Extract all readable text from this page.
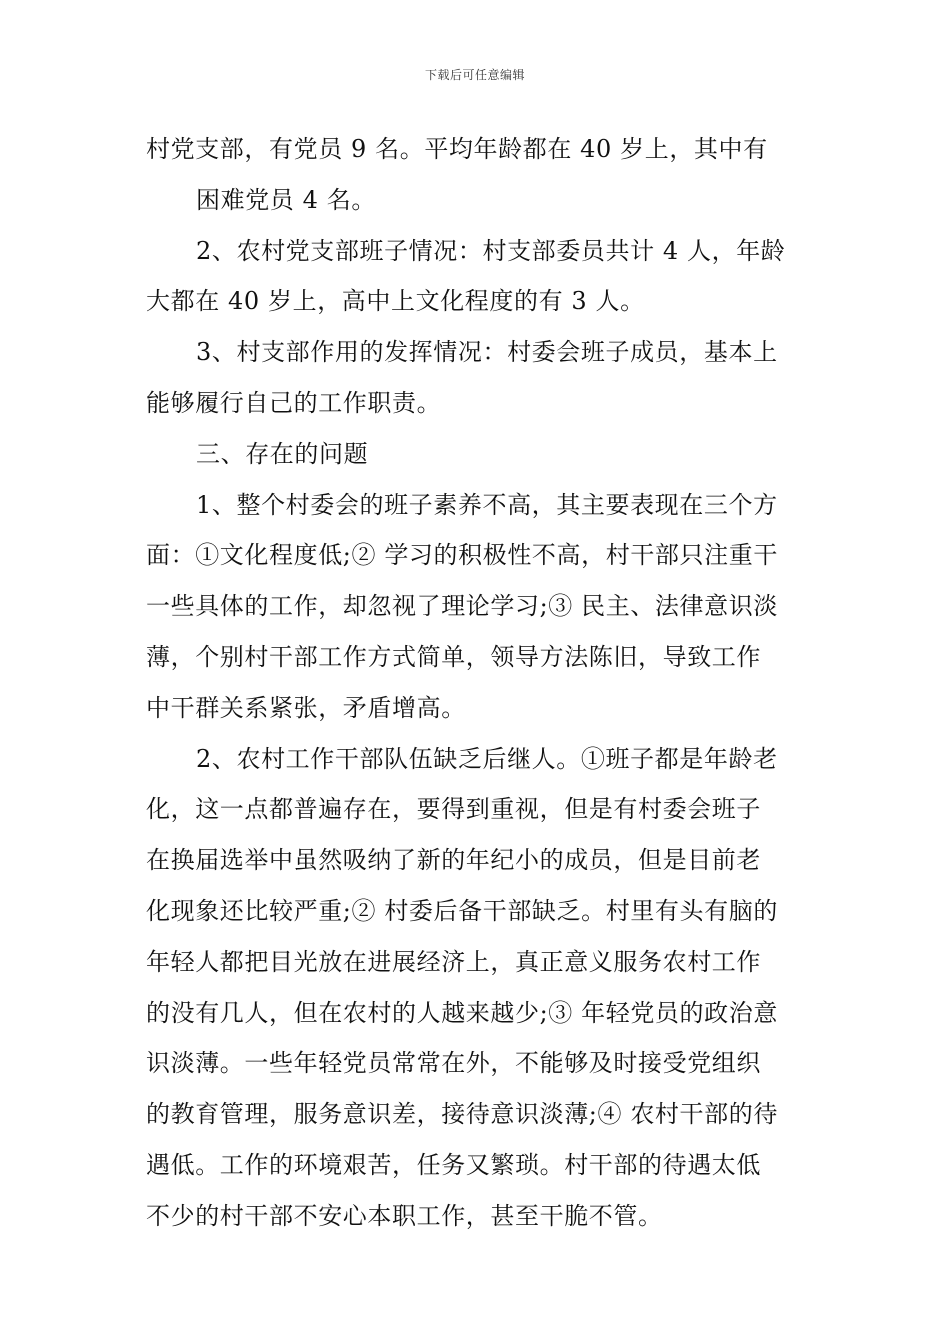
下载后可任意编辑
村党支部，有党员 9 名。平均年龄都在 40 岁上，其中有
困难党员 4 名。
2、农村党支部班子情况：村支部委员共计 4 人，年龄
大都在 40 岁上，高中上文化程度的有 3 人。
3、村支部作用的发挥情况：村委会班子成员，基本上
能够履行自己的工作职责。
三、存在的问题
1、整个村委会的班子素养不高，其主要表现在三个方
面：①文化程度低;② 学习的积极性不高，村干部只注重干
一些具体的工作，却忽视了理论学习;③ 民主、法律意识淡
薄，个别村干部工作方式简单，领导方法陈旧，导致工作
中干群关系紧张，矛盾增高。
2、农村工作干部队伍缺乏后继人。①班子都是年龄老
化，这一点都普遍存在，要得到重视，但是有村委会班子
在换届选举中虽然吸纳了新的年纪小的成员，但是目前老
化现象还比较严重;② 村委后备干部缺乏。村里有头有脑的
年轻人都把目光放在进展经济上，真正意义服务农村工作
的没有几人，但在农村的人越来越少;③ 年轻党员的政治意
识淡薄。一些年轻党员常常在外，不能够及时接受党组织
的教育管理，服务意识差，接待意识淡薄;④ 农村干部的待
遇低。工作的环境艰苦，任务又繁琐。村干部的待遇太低
不少的村干部不安心本职工作，甚至干脆不管。
